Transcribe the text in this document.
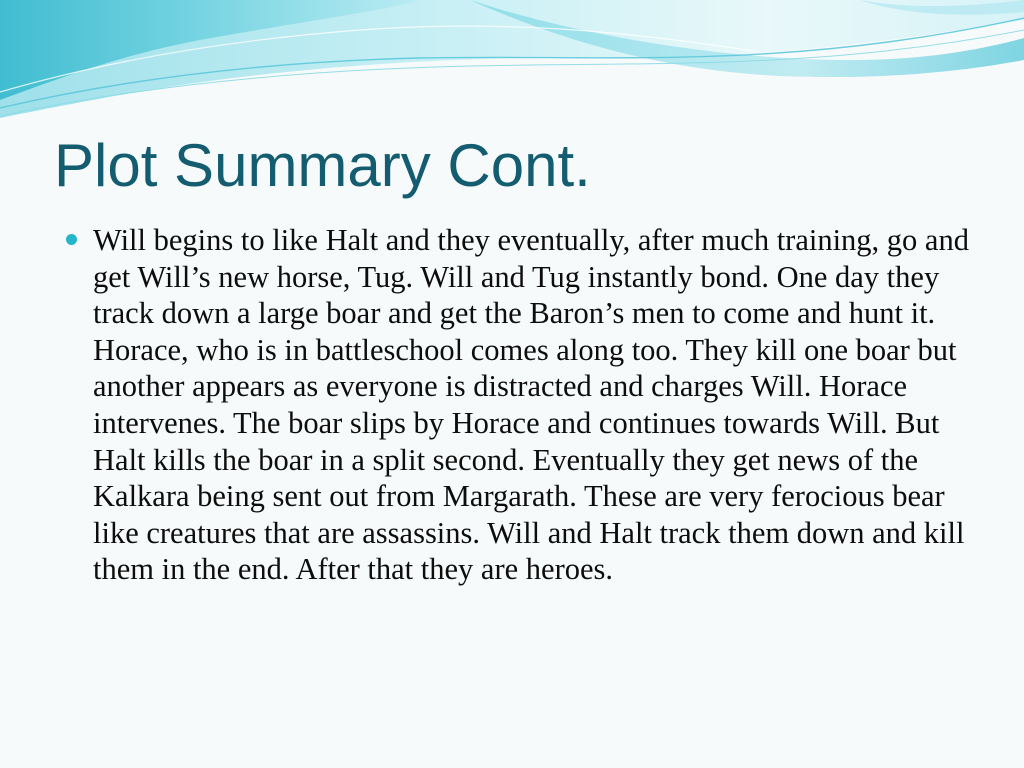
Plot Summary Cont.
Will begins to like Halt and they eventually, after much training, go and get Will’s new horse, Tug. Will and Tug instantly bond. One day they track down a large boar and get the Baron’s men to come and hunt it. Horace, who is in battleschool comes along too. They kill one boar but another appears as everyone is distracted and charges Will. Horace intervenes. The boar slips by Horace and continues towards Will. But Halt kills the boar in a split second. Eventually they get news of the Kalkara being sent out from Margarath. These are very ferocious bear like creatures that are assassins. Will and Halt track them down and kill them in the end. After that they are heroes.
